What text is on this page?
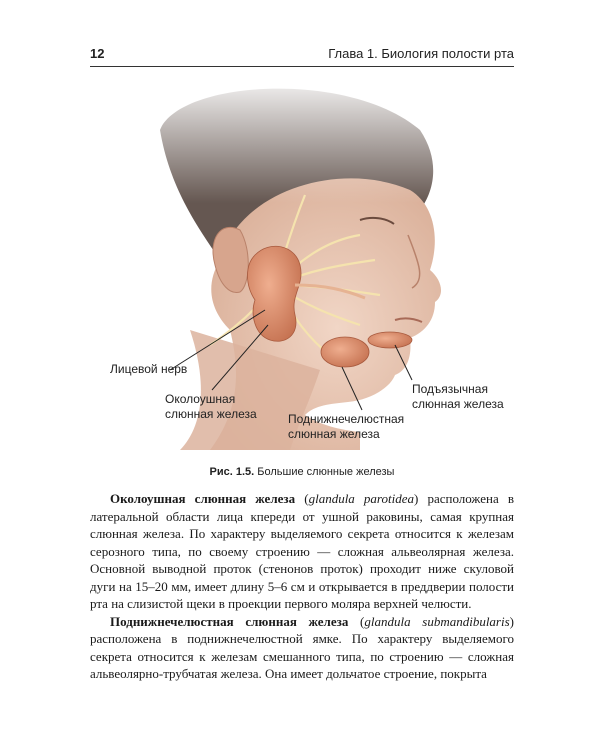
12	Глава 1. Биология полости рта
Лицевой нерв
Околоушная
слюнная железа	Поднижнечелюстная
слюнная железа
Подъязычная
слюнная железа
Рис. 1.5. Большие слюнные железы

Околоушная слюнная железа (glandula parotidea) расположена в латеральной области лица кпереди от ушной раковины, самая крупная слюнная железа. По характеру выделяемого секрета относится к железам серозного типа, по своему строению — сложная альвеолярная железа. Основной выводной проток (стенонов проток) проходит ниже скуловой дуги на 15–20 мм, имеет длину 5–6 см и открывается в преддверии полости рта на слизистой щеки в проекции первого моляра верхней челюсти.

Поднижнечелюстная слюнная железа (glandula submandibularis) расположена в поднижнечелюстной ямке. По характеру выделяемого секрета относится к железам смешанного типа, по строению — сложная альвеолярно-трубчатая железа. Она имеет дольчатое строение, покрыта
